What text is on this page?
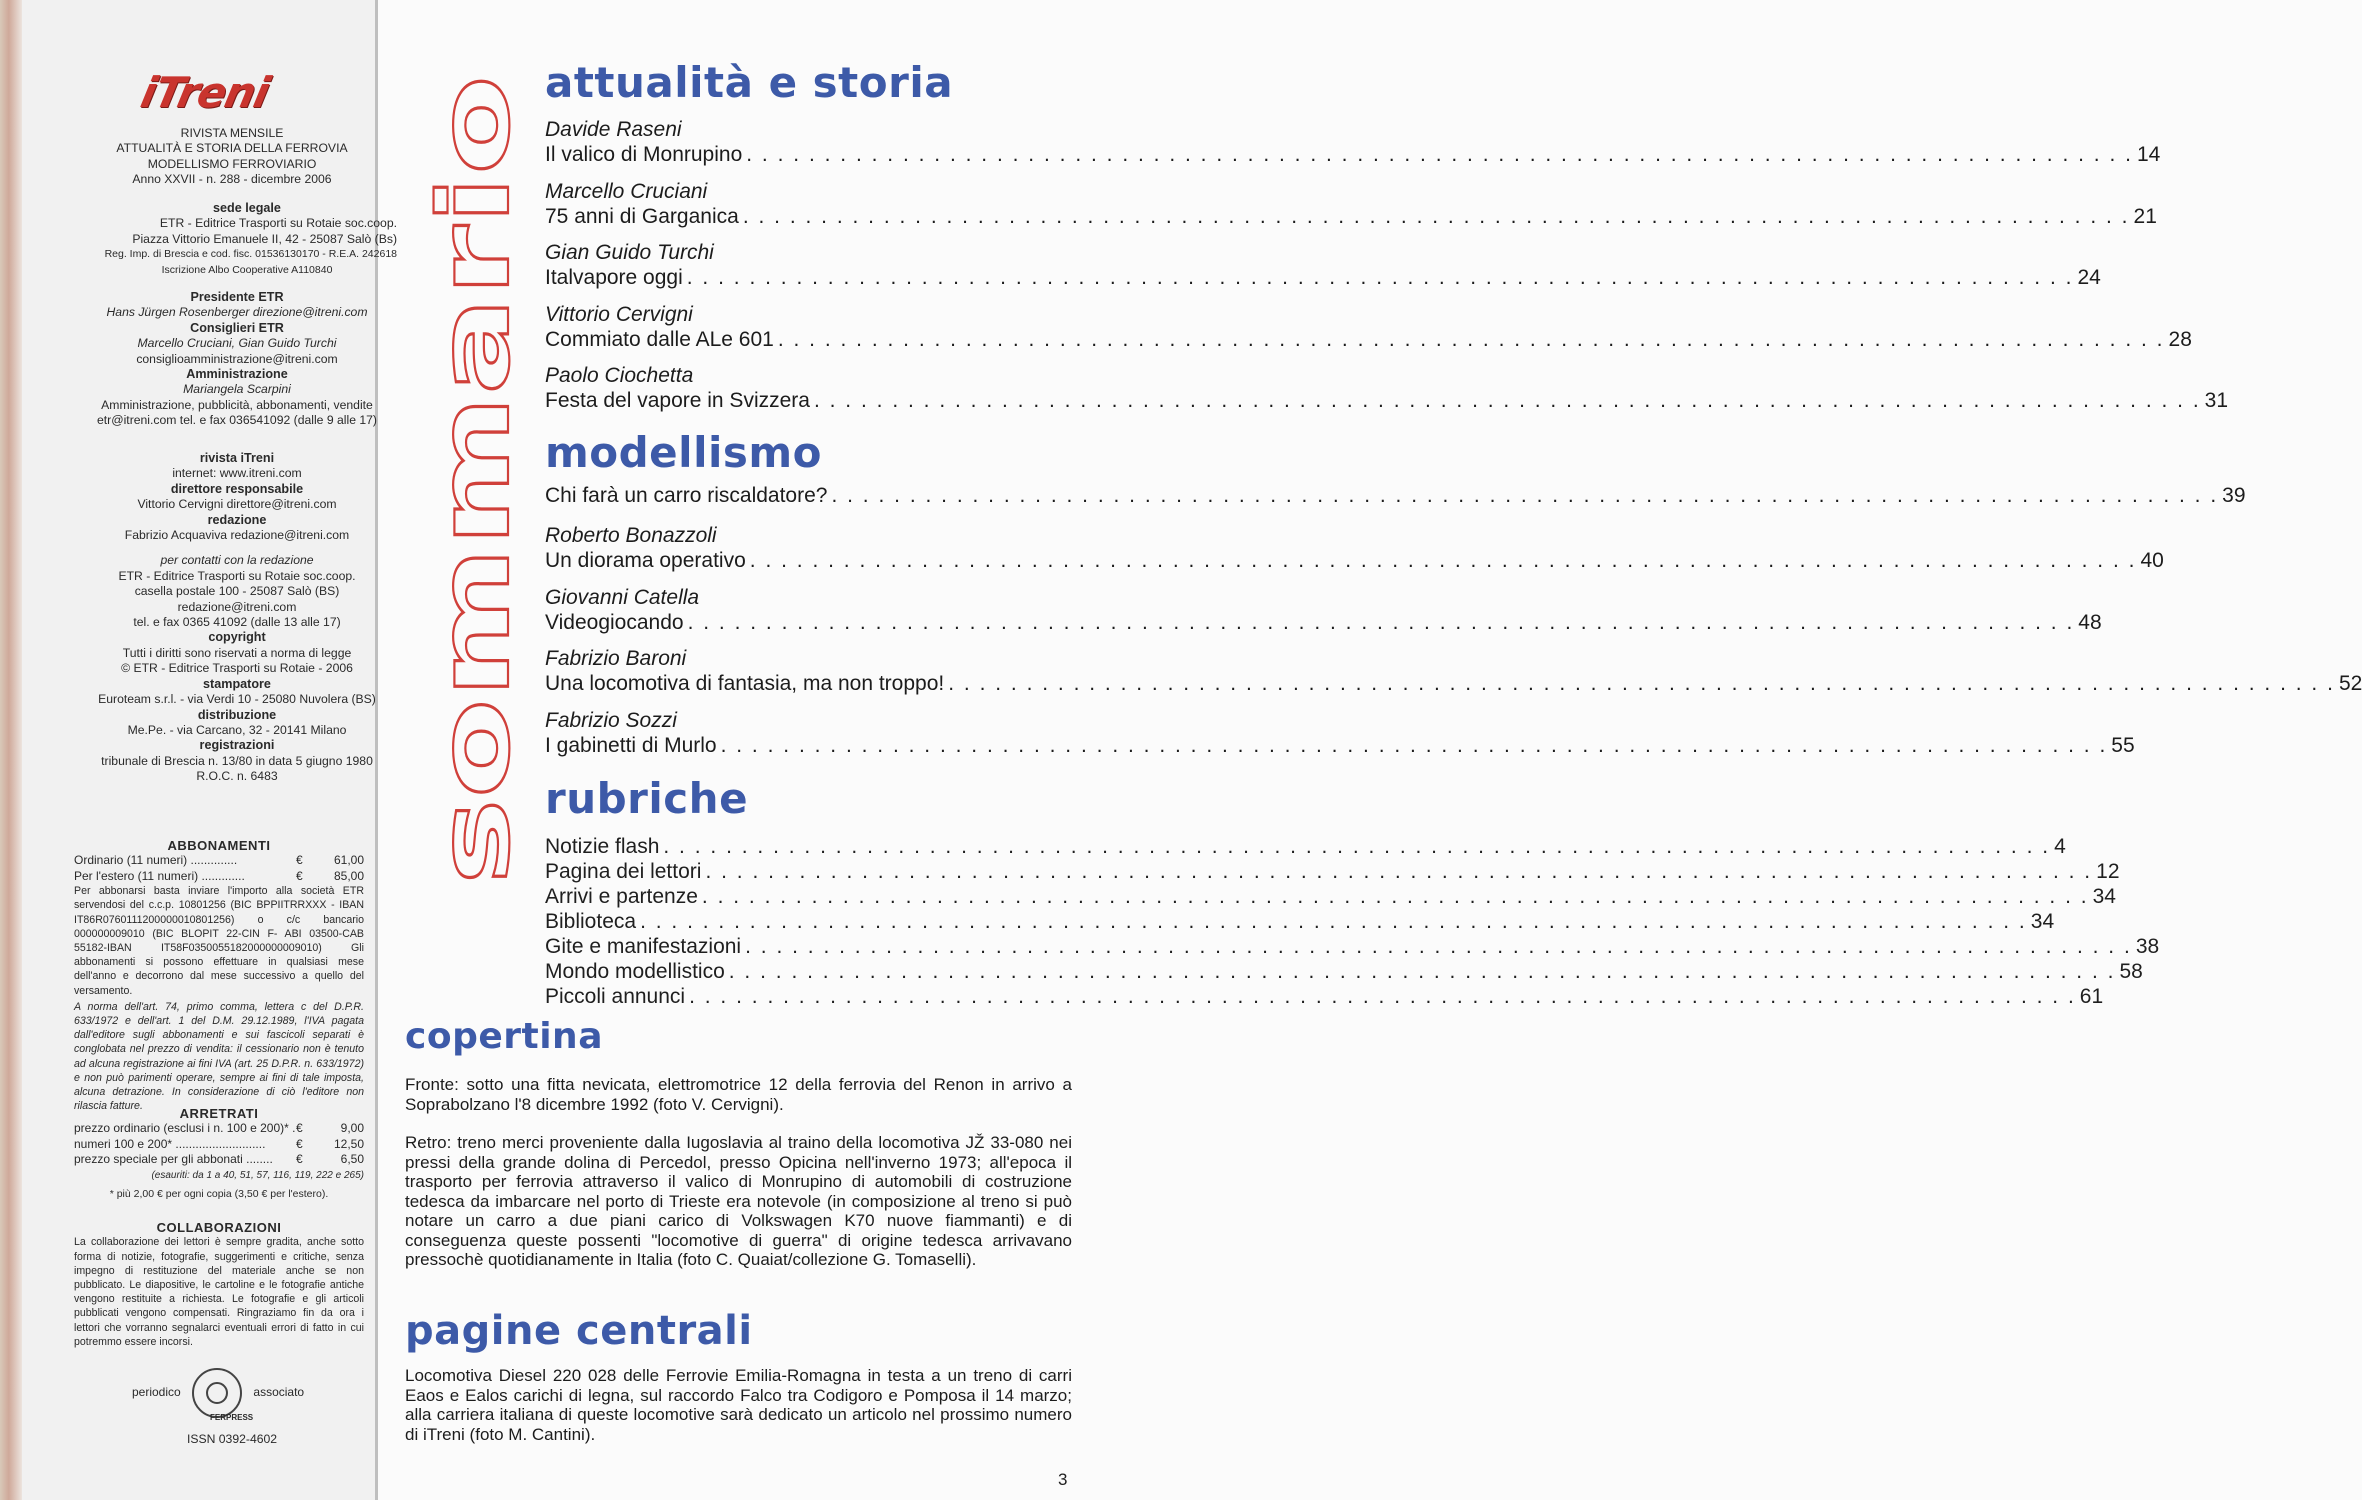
iTreni
RIVISTA MENSILE
ATTUALITÀ E STORIA DELLA FERROVIA
MODELLISMO FERROVIARIO
Anno XXVII - n. 288 - dicembre 2006
sede legale
ETR - Editrice Trasporti su Rotaie soc.coop.
Piazza Vittorio Emanuele II, 42 - 25087 Salò (Bs)
Reg. Imp. di Brescia e cod. fisc. 01536130170 - R.E.A. 242618
Iscrizione Albo Cooperative A110840
Presidente ETR
Hans Jürgen Rosenberger direzione@itreni.com
Consiglieri ETR
Marcello Cruciani, Gian Guido Turchi
consiglioamministrazione@itreni.com
Amministrazione
Mariangela Scarpini
Amministrazione, pubblicità, abbonamenti, vendite
etr@itreni.com tel. e fax 036541092 (dalle 9 alle 17)
rivista iTreni
internet: www.itreni.com
direttore responsabile
Vittorio Cervigni direttore@itreni.com
redazione
Fabrizio Acquaviva redazione@itreni.com
per contatti con la redazione
ETR - Editrice Trasporti su Rotaie soc.coop.
casella postale 100 - 25087 Salò (BS)
redazione@itreni.com
tel. e fax 0365 41092 (dalle 13 alle 17)
copyright
Tutti i diritti sono riservati a norma di legge
© ETR - Editrice Trasporti su Rotaie - 2006
stampatore
Euroteam s.r.l. - via Verdi 10 - 25080 Nuvolera (BS)
distribuzione
Me.Pe. - via Carcano, 32 - 20141 Milano
registrazioni
tribunale di Brescia n. 13/80 in data 5 giugno 1980
R.O.C. n. 6483
ABBONAMENTI
Ordinario (11 numeri) ..............	€	61,00
Per l'estero (11 numeri) .............	€	85,00
Per abbonarsi basta inviare l'importo alla società ETR servendosi del c.c.p. 10801256 (BIC BPPIITRRXXX - IBAN IT86R0760111200000010801256) o c/c bancario 000000009010 (BIC BLOPIT 22-CIN F- ABI 03500-CAB 55182-IBAN IT58F0350055182000000009010) Gli abbonamenti si possono effettuare in qualsiasi mese dell'anno e decorrono dal mese successivo a quello del versamento.
A norma dell'art. 74, primo comma, lettera c del D.P.R. 633/1972 e dell'art. 1 del D.M. 29.12.1989, l'IVA pagata dall'editore sugli abbonamenti e sui fascicoli separati è conglobata nel prezzo di vendita: il cessionario non è tenuto ad alcuna registrazione ai fini IVA (art. 25 D.P.R. n. 633/1972) e non può parimenti operare, sempre ai fini di tale imposta, alcuna detrazione. In considerazione di ciò l'editore non rilascia fatture.	ARRETRATI
prezzo ordinario (esclusi i n. 100 e 200)* . €	9,00
numeri 100 e 200* ...........................	€	12,50
prezzo speciale per gli abbonati ........	€	6,50
(esauriti: da 1 a 40, 51, 57, 116, 119, 222 e 265)
* più 2,00 € per ogni copia (3,50 € per l'estero).
COLLABORAZIONI
La collaborazione dei lettori è sempre gradita, anche sotto forma di notizie, fotografie, suggerimenti e critiche, senza impegno di restituzione del materiale anche se non pubblicato. Le diapositive, le cartoline e le fotografie antiche vengono restituite a richiesta. Le fotografie e gli articoli pubblicati vengono compensati. Ringraziamo fin da ora i lettori che vorranno segnalarci eventuali errori di fatto in cui potremmo essere incorsi.
periodico	associato
FERPRESS
ISSN 0392-4602
sommario
attualità e storia
Davide Raseni
Il valico di Monrupino . . .	14
Marcello Cruciani
75 anni di Garganica . . .	21
Gian Guido Turchi
Italvapore oggi . . .	24
Vittorio Cervigni
Commiato dalle ALe 601 . . .	28
Paolo Ciochetta
Festa del vapore in Svizzera . . .	31
modellismo
Chi farà un carro riscaldatore? . . .	39
Roberto Bonazzoli
Un diorama operativo . . .	40
Giovanni Catella
Videogiocando . . .	48
Fabrizio Baroni
Una locomotiva di fantasia, ma non troppo! . . .	52
Fabrizio Sozzi
I gabinetti di Murlo . . .	55
rubriche
Notizie flash . . .	4
Pagina dei lettori . . .	12
Arrivi e partenze . . .	34
Biblioteca . . .	34
Gite e manifestazioni . . .	38
Mondo modellistico . . .	58
Piccoli annunci . . .	61
copertina
Fronte: sotto una fitta nevicata, elettromotrice 12 della ferrovia del Renon in arrivo a Soprabolzano l'8 dicembre 1992 (foto V. Cervigni).
Retro: treno merci proveniente dalla Iugoslavia al traino della locomotiva JŽ 33-080 nei pressi della grande dolina di Percedol, presso Opicina nell'inverno 1973; all'epoca il trasporto per ferrovia attraverso il valico di Monrupino di automobili di costruzione tedesca da imbarcare nel porto di Trieste era notevole (in composizione al treno si può notare un carro a due piani carico di Volkswagen K70 nuove fiammanti) e di conseguenza queste possenti "locomotive di guerra" di origine tedesca arrivavano pressochè quotidianamente in Italia (foto C. Quaiat/collezione G. Tomaselli).
pagine centrali
Locomotiva Diesel 220 028 delle Ferrovie Emilia-Romagna in testa a un treno di carri Eaos e Ealos carichi di legna, sul raccordo Falco tra Codigoro e Pomposa il 14 marzo; alla carriera italiana di queste locomotive sarà dedicato un articolo nel prossimo numero di iTreni (foto M. Cantini).
3
